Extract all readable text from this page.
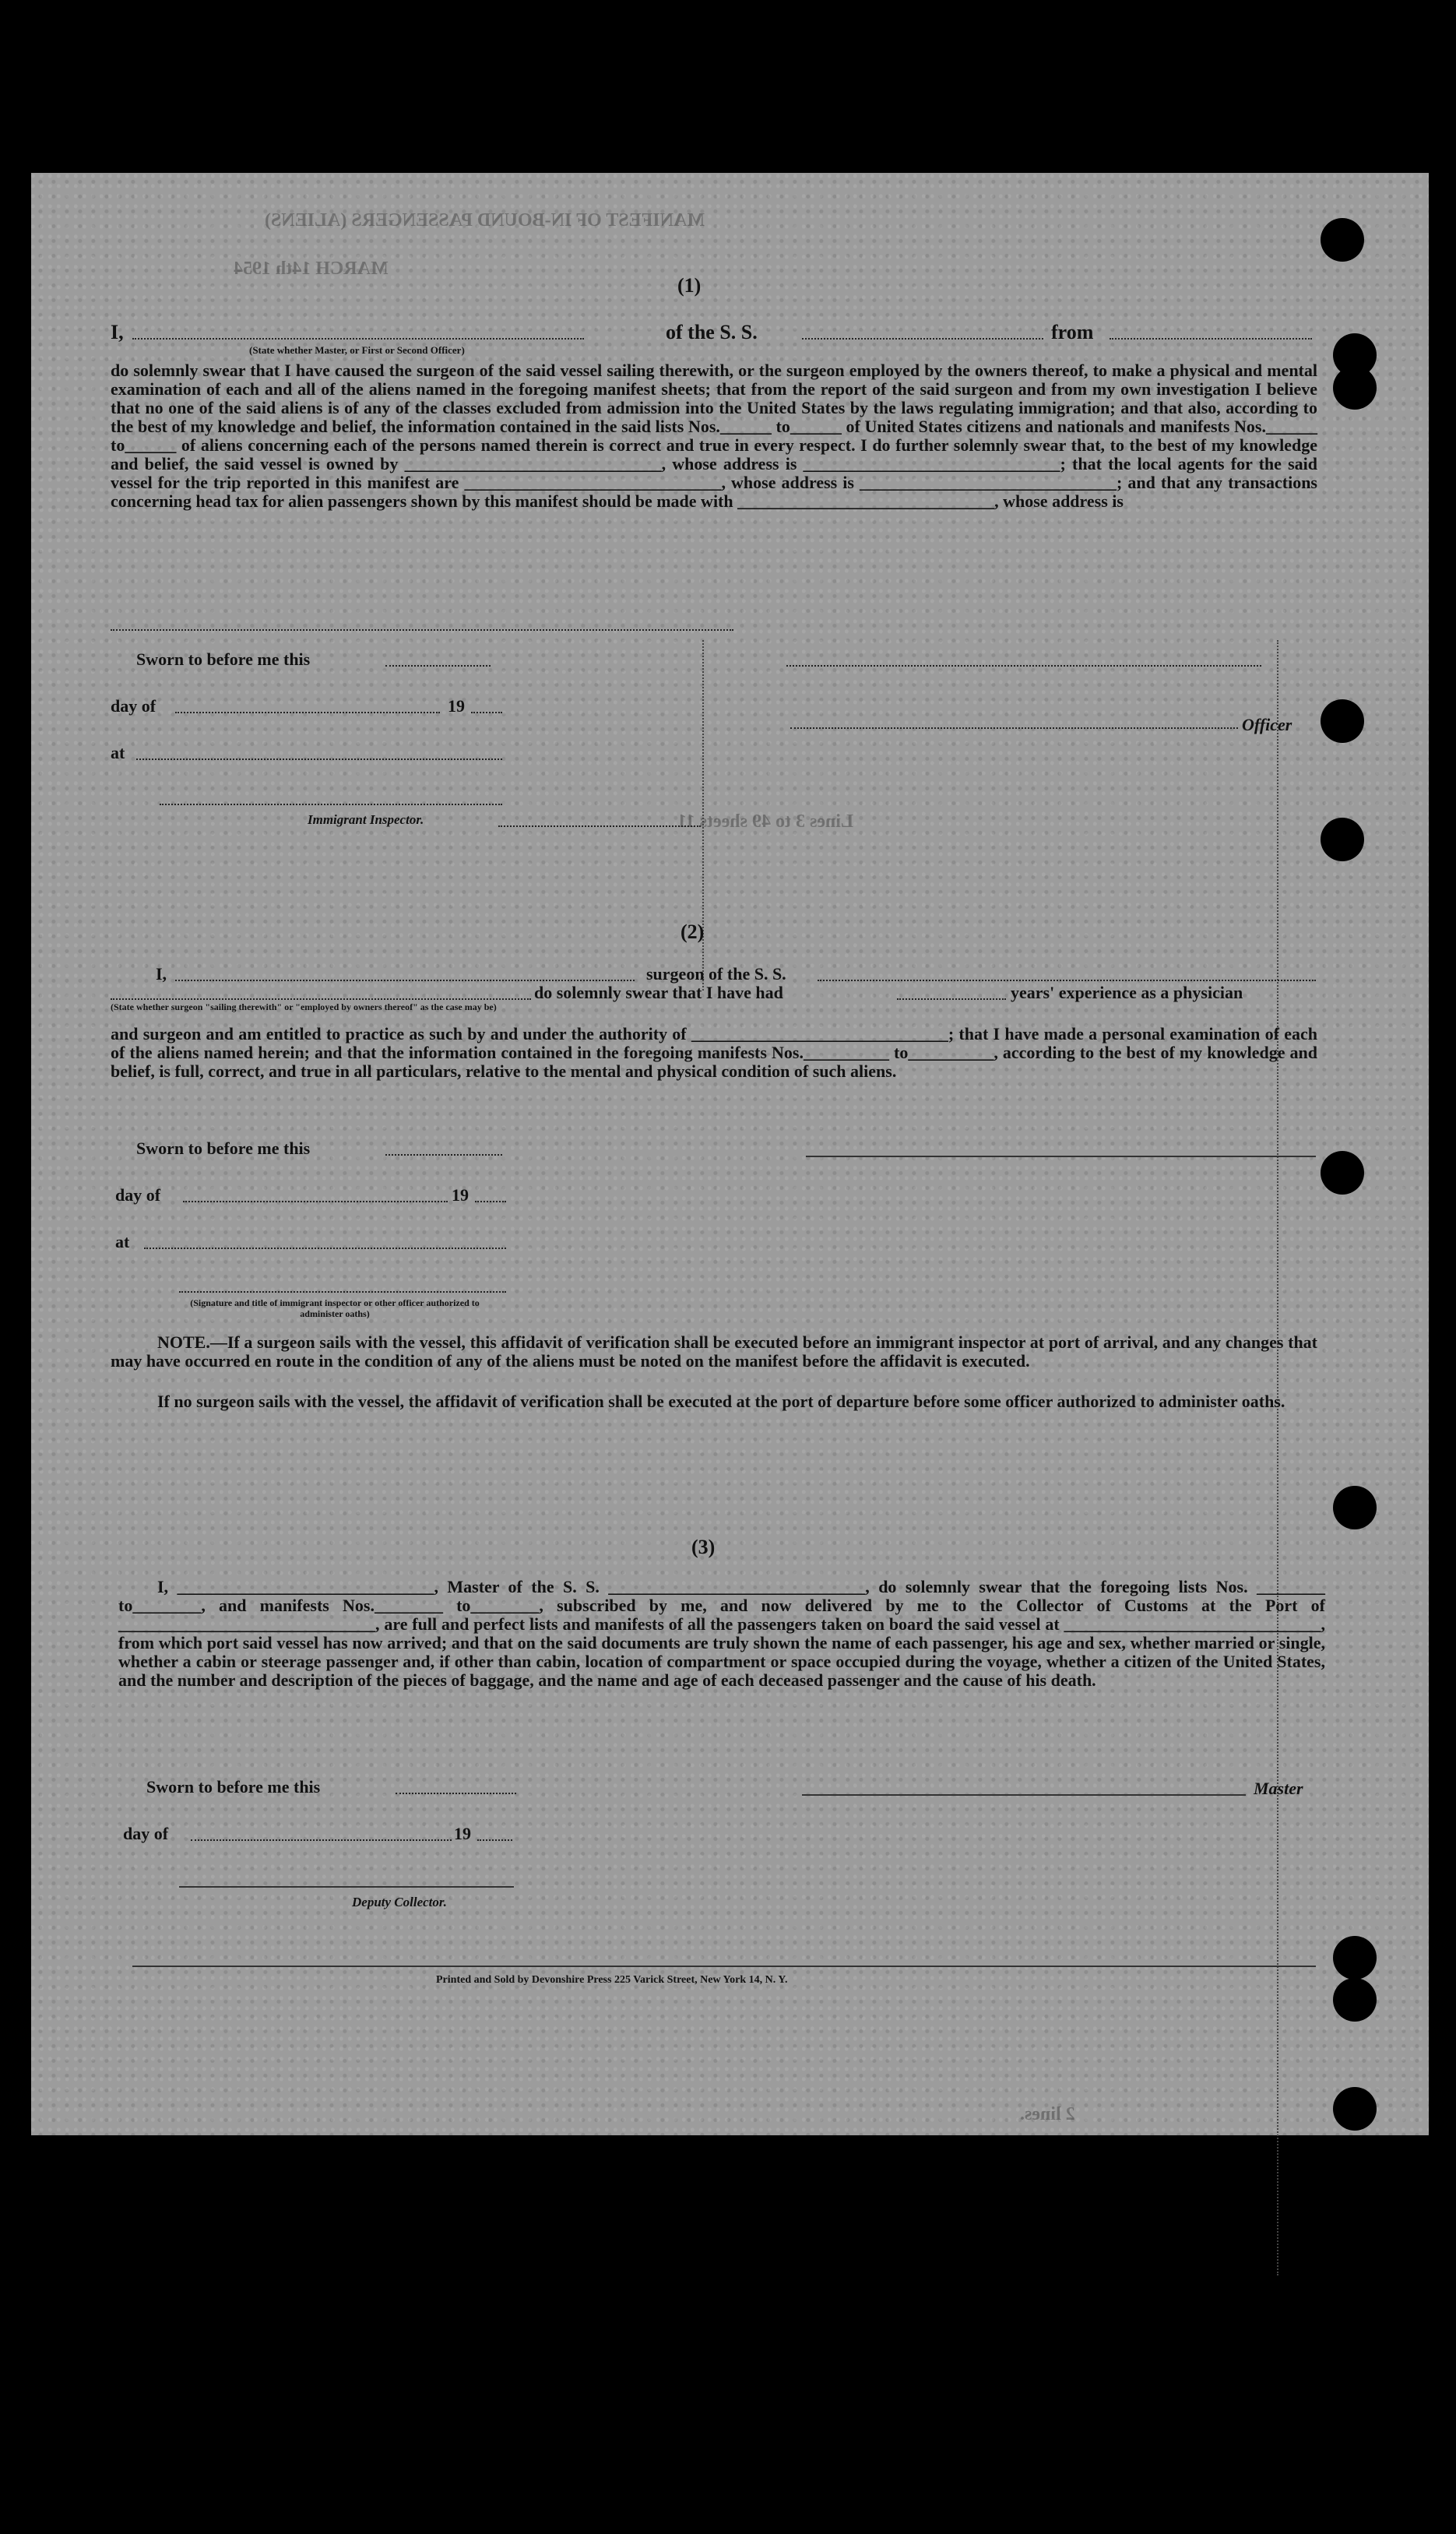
MANIFEST OF IN-BOUND PASSENGERS (ALIENS)
MARCH 14th 1954
Lines 3 to 49 sheets 11
2 lines.
(1)
I,	of the S. S.	from
(State whether Master, or First or Second Officer)
do solemnly swear that I have caused the surgeon of the said vessel sailing therewith, or the surgeon employed by the owners thereof, to make a physical and mental examination of each and all of the aliens named in the foregoing manifest sheets; that from the report of the said surgeon and from my own investigation I believe that no one of the said aliens is of any of the classes excluded from admission into the United States by the laws regulating immigration; and that also, according to the best of my knowledge and belief, the information contained in the said lists Nos.______ to______ of United States citizens and nationals and manifests Nos.______ to______ of aliens concerning each of the persons named therein is correct and true in every respect. I do further solemnly swear that, to the best of my knowledge and belief, the said vessel is owned by ______________________________, whose address is ______________________________; that the local agents for the said vessel for the trip reported in this manifest are ______________________________, whose address is ______________________________; and that any transactions concerning head tax for alien passengers shown by this manifest should be made with ______________________________, whose address is
Sworn to before me this
day of	19
Officer
at
Immigrant Inspector.
(2)
I,	surgeon of the S. S.
do solemnly swear that I have had	years' experience as a physician
(State whether surgeon "sailing therewith" or "employed by owners thereof" as the case may be)
and surgeon and am entitled to practice as such by and under the authority of ______________________________; that I have made a personal examination of each of the aliens named herein; and that the information contained in the foregoing manifests Nos.__________ to__________, according to the best of my knowledge and belief, is full, correct, and true in all particulars, relative to the mental and physical condition of such aliens.
Sworn to before me this
day of	19
at
(Signature and title of immigrant inspector or other officer authorized to administer oaths)
NOTE.—If a surgeon sails with the vessel, this affidavit of verification shall be executed before an immigrant inspector at port of arrival, and any changes that may have occurred en route in the condition of any of the aliens must be noted on the manifest before the affidavit is executed.
If no surgeon sails with the vessel, the affidavit of verification shall be executed at the port of departure before some officer authorized to administer oaths.
(3)
I, ______________________________, Master of the S. S. ______________________________, do solemnly swear that the foregoing lists Nos. ________ to________, and manifests Nos.________ to________, subscribed by me, and now delivered by me to the Collector of Customs at the Port of ______________________________, are full and perfect lists and manifests of all the passengers taken on board the said vessel at ______________________________, from which port said vessel has now arrived; and that on the said documents are truly shown the name of each passenger, his age and sex, whether married or single, whether a cabin or steerage passenger and, if other than cabin, location of compartment or space occupied during the voyage, whether a citizen of the United States, and the number and description of the pieces of baggage, and the name and age of each deceased passenger and the cause of his death.
Sworn to before me this	Master
day of	19
Deputy Collector.
Printed and Sold by Devonshire Press 225 Varick Street, New York 14, N. Y.
